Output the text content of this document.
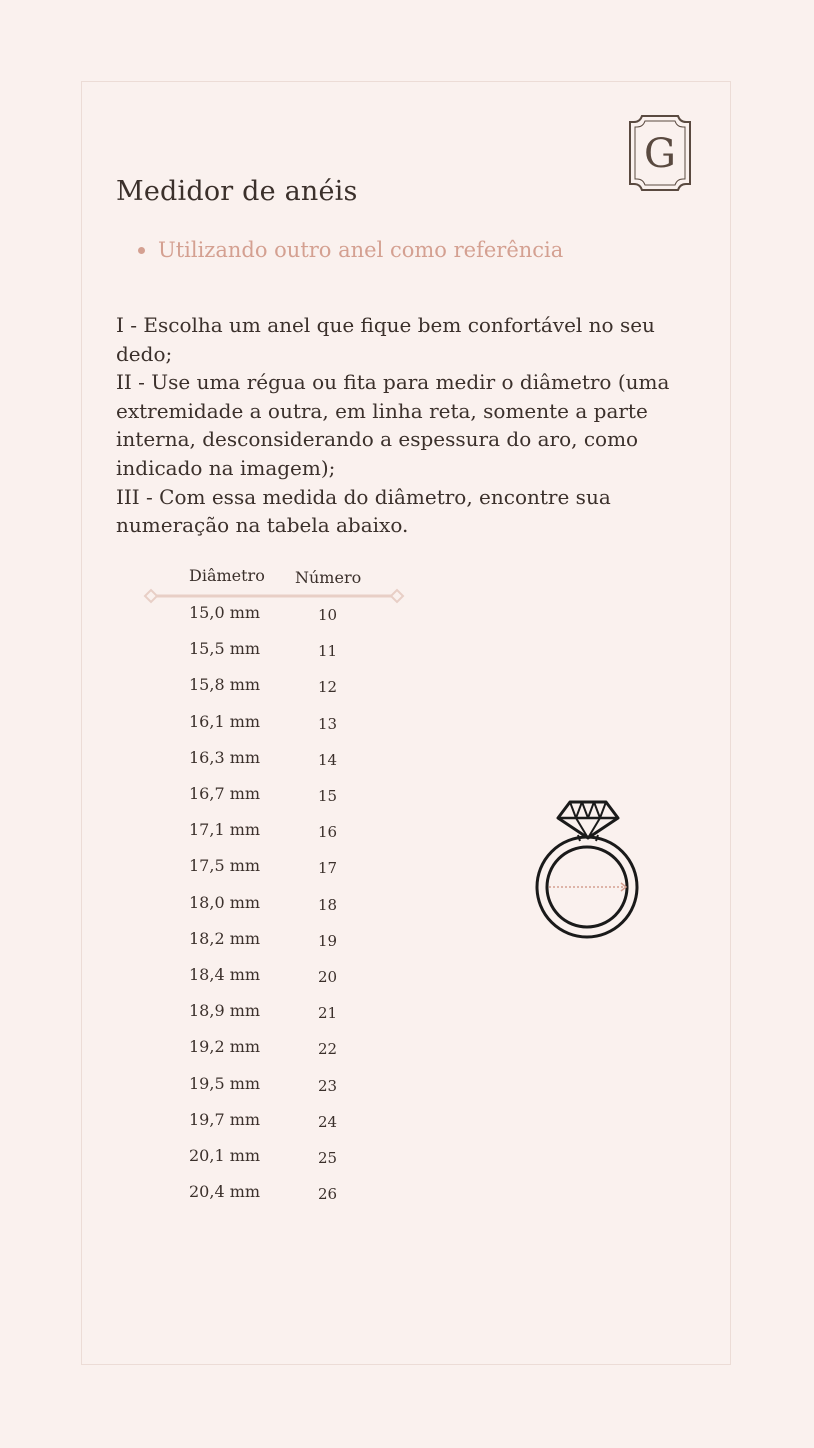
G
Medidor de anéis
Utilizando outro anel como referência

I - Escolha um anel que fique bem confortável no seu dedo;

II - Use uma régua ou fita para medir o diâmetro (uma extremidade a outra, em linha reta, somente a parte interna, desconsiderando a espessura do aro, como indicado na imagem);

III - Com essa medida do diâmetro, encontre sua numeração na tabela abaixo.

Diâmetro Número
15,0 mm	10
15,5 mm	11
15,8 mm	12
16,1 mm	13
16,3 mm	14
16,7 mm	15
17,1 mm	16
17,5 mm	17
18,0 mm	18
18,2 mm	19
18,4 mm	20
18,9 mm	21
19,2 mm	22
19,5 mm	23
19,7 mm	24
20,1 mm	25
20,4 mm	26
